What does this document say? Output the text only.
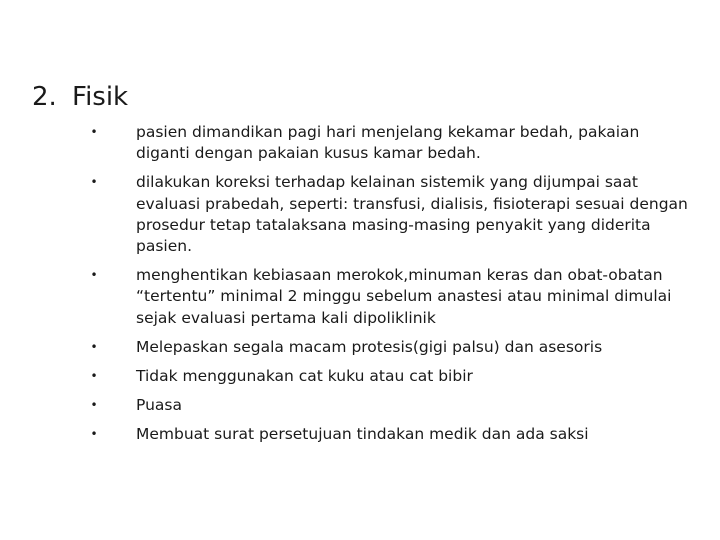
2. Fisik
• pasien dimandikan pagi hari menjelang kekamar bedah, pakaian diganti dengan pakaian kusus kamar bedah.
• dilakukan koreksi terhadap kelainan sistemik yang dijumpai saat evaluasi prabedah, seperti: transfusi, dialisis, fisioterapi sesuai dengan prosedur tetap tatalaksana masing-masing penyakit yang diderita pasien.
• menghentikan kebiasaan merokok,minuman keras dan obat-obatan “tertentu” minimal 2 minggu sebelum anastesi atau minimal dimulai sejak evaluasi pertama kali dipoliklinik
• Melepaskan segala macam protesis(gigi palsu) dan asesoris
• Tidak menggunakan cat kuku atau cat bibir
• Puasa
• Membuat surat persetujuan tindakan medik dan ada saksi
